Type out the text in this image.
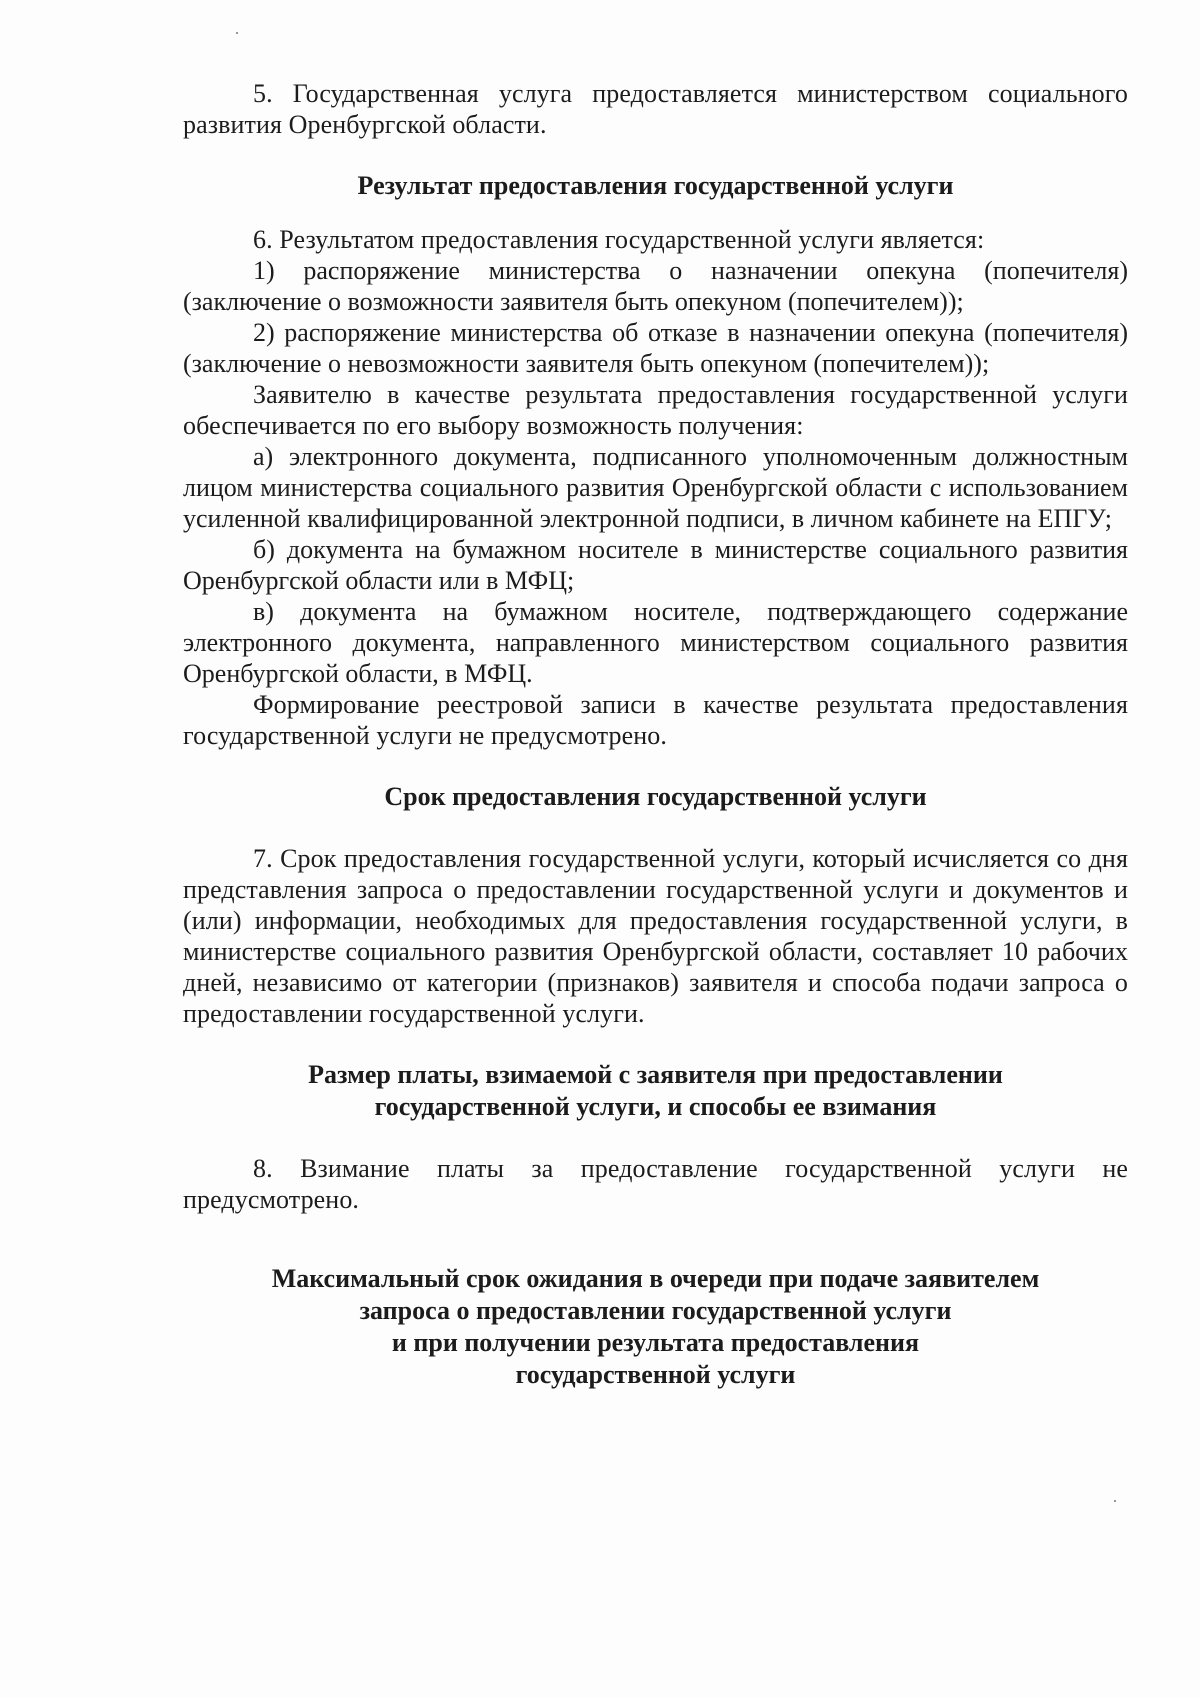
5. Государственная услуга предоставляется министерством социального развития Оренбургской области.

Результат предоставления государственной услуги

6. Результатом предоставления государственной услуги является:

1) распоряжение министерства о назначении опекуна (попечителя) (заключение о возможности заявителя быть опекуном (попечителем));

2) распоряжение министерства об отказе в назначении опекуна (попечителя) (заключение о невозможности заявителя быть опекуном (попечителем));

Заявителю в качестве результата предоставления государственной услуги обеспечивается по его выбору возможность получения:

а) электронного документа, подписанного уполномоченным должностным лицом министерства социального развития Оренбургской области с использованием усиленной квалифицированной электронной подписи, в личном кабинете на ЕПГУ;

б) документа на бумажном носителе в министерстве социального развития Оренбургской области или в МФЦ;

в) документа на бумажном носителе, подтверждающего содержание электронного документа, направленного министерством социального развития Оренбургской области, в МФЦ.

Формирование реестровой записи в качестве результата предоставления государственной услуги не предусмотрено.

Срок предоставления государственной услуги

7. Срок предоставления государственной услуги, который исчисляется со дня представления запроса о предоставлении государственной услуги и документов и (или) информации, необходимых для предоставления государственной услуги, в министерстве социального развития Оренбургской области, составляет 10 рабочих дней, независимо от категории (признаков) заявителя и способа подачи запроса о предоставлении государственной услуги.

Размер платы, взимаемой с заявителя при предоставлении
государственной услуги, и способы ее взимания

8. Взимание платы за предоставление государственной услуги не предусмотрено.

Максимальный срок ожидания в очереди при подаче заявителем
запроса о предоставлении государственной услуги
и при получении результата предоставления
государственной услуги
